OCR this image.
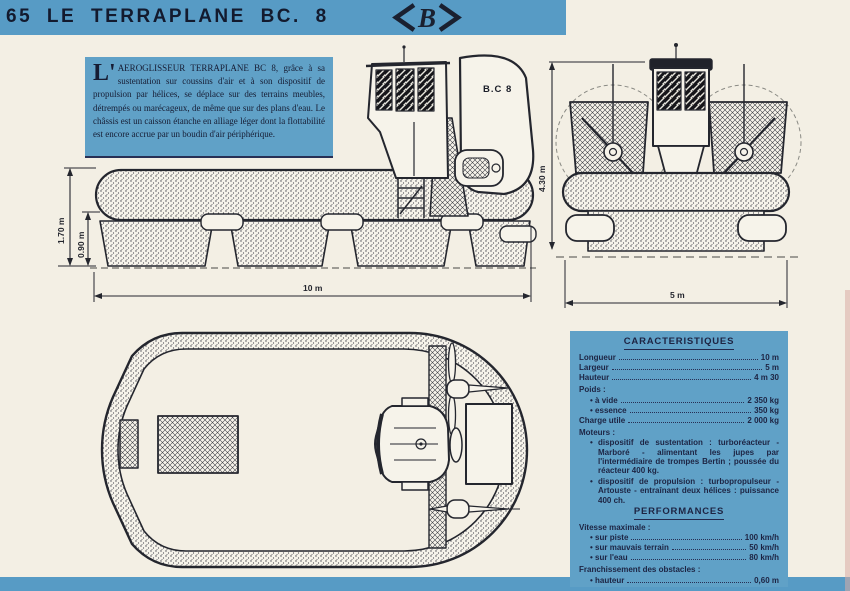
B.C 8
1.70 m
0.90 m
10 m
4.30 m
5 m
65 LE TERRAPLANE BC. 8	B

L'AEROGLISSEUR TERRAPLANE BC 8, grâce à sa sustentation sur coussins d'air et à son dispositif de propulsion par hélices, se déplace sur des terrains meubles, détrempés ou marécageux, de même que sur des plans d'eau. Le châssis est un caisson étanche en alliage léger dont la flottabilité est encore accrue par un boudin d'air périphérique.

CARACTERISTIQUES
Longueur	10 m
Largeur	5 m
Hauteur	4 m 30
Poids :
• à vide	2 350 kg
• essence	350 kg
Charge utile	2 000 kg
Moteurs :
• dispositif de sustentation : turboréacteur - Marboré - alimentant les jupes par l'intermédiaire de trompes Bertin ; poussée du réacteur 400 kg.
• dispositif de propulsion : turbopropulseur - Artouste - entraînant deux hélices : puissance 400 ch.
PERFORMANCES
Vitesse maximale :
• sur piste	100 km/h
• sur mauvais terrain	50 km/h
• sur l'eau	80 km/h
Franchissement des obstacles :
• hauteur	0,60 m
